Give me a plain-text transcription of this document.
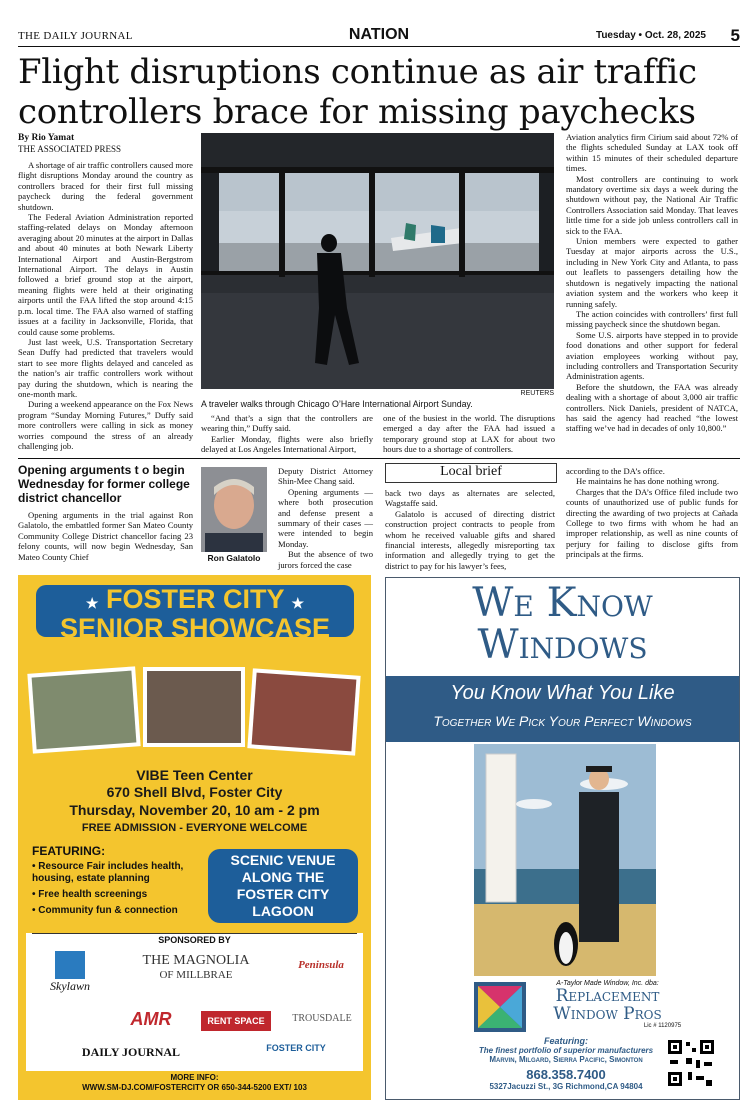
THE DAILY JOURNAL	NATION	Tuesday • Oct. 28, 2025 5
Flight disruptions continue as air traffic controllers brace for missing paychecks
By Rio Yamat
THE ASSOCIATED PRESS

A shortage of air traffic controllers caused more flight disruptions Monday around the country as controllers braced for their first full missing paycheck during the federal government shutdown.

The Federal Aviation Administration reported staffing-related delays on Monday afternoon averaging about 20 minutes at the airport in Dallas and about 40 minutes at both Newark Liberty International Airport and Austin-Bergstrom International Airport. The delays in Austin followed a brief ground stop at the airport, meaning flights were held at their originating airports until the FAA lifted the stop around 4:15 p.m. local time. The FAA also warned of staffing issues at a facility in Jacksonville, Florida, that could cause some problems.

Just last week, U.S. Transportation Secretary Sean Duffy had predicted that travelers would start to see more flights delayed and canceled as the nation’s air traffic controllers work without pay during the shutdown, which is nearing the one-month mark.

During a weekend appearance on the Fox News program “Sunday Morning Futures,” Duffy said more controllers were calling in sick as money worries compound the stress of an already challenging job.

REUTERS
A traveler walks through Chicago O’Hare International Airport Sunday.

“And that’s a sign that the controllers are wearing thin,” Duffy said.

Earlier Monday, flights were also briefly delayed at Los Angeles International Airport,

one of the busiest in the world. The disruptions emerged a day after the FAA had issued a temporary ground stop at LAX for about two hours due to a shortage of controllers.

Aviation analytics firm Cirium said about 72% of the flights scheduled Sunday at LAX took off within 15 minutes of their scheduled departure times.

Most controllers are continuing to work mandatory overtime six days a week during the shutdown without pay, the National Air Traffic Controllers Association said Monday. That leaves little time for a side job unless controllers call in sick to the FAA.

Union members were expected to gather Tuesday at major airports across the U.S., including in New York City and Atlanta, to pass out leaflets to passengers detailing how the shutdown is negatively impacting the national aviation system and the workers who keep it running safely.

The action coincides with controllers’ first full missing paycheck since the shutdown began.

Some U.S. airports have stepped in to provide food donations and other support for federal aviation employees working without pay, including controllers and Transportation Security Administration agents.

Before the shutdown, the FAA was already dealing with a shortage of about 3,000 air traffic controllers. Nick Daniels, president of NATCA, has said the agency had reached “the lowest staffing we’ve had in decades of only 10,800.”

Opening arguments t o begin Wednesday for former college district chancellor

Opening arguments in the trial against Ron Galatolo, the embattled former San Mateo County Community College District chancellor facing 23 felony counts, will now begin Wednesday, San Mateo County Chief	Ron Galatolo

Deputy District Attorney Shin-Mee Chang said.

Opening arguments — where both prosecution and defense present a summary of their cases — were intended to begin Monday.

But the absence of two jurors forced the case

Local brief

back two days as alternates are selected, Wagstaffe said.

Galatolo is accused of directing district construction project contracts to people from whom he received valuable gifts and shared financial interests, allegedly misreporting tax information and allegedly trying to get the district to pay for his lawyer’s fees,

according to the DA’s office.

He maintains he has done nothing wrong.

Charges that the DA’s Office filed include two counts of unauthorized use of public funds for directing the awarding of two projects at Cañada College to two firms with whom he had an improper relationship, as well as nine counts of perjury for failing to disclose gifts from principals at the firms.

★ FOSTER CITY ★
SENIOR SHOWCASE
VIBE Teen Center
670 Shell Blvd, Foster City
Thursday, November 20, 10 am - 2 pm
FREE ADMISSION - EVERYONE WELCOME
FEATURING:
• Resource Fair includes health, housing, estate planning
• Free health screenings
• Community fun & connection
SCENIC VENUE ALONG THE FOSTER CITY LAGOON
SPONSORED BY
Skylawn
THE MAGNOLIA
OF MILLBRAE
Peninsula
AMR	RENT SPACE	TROUSDALE
DAILY JOURNAL	FOSTER CITY
MORE INFO:
WWW.SM-DJ.COM/FOSTERCITY OR 650-344-5200 EXT/ 103
We Know
Windows
You Know What You Like
Together We Pick Your Perfect Windows
A-Taylor Made Window, Inc. dba:
Replacement
Window Pros
Lic # 1120975
Featuring:
The finest portfolio of superior manufacturers
Marvin, Milgard, Sierra Pacific, Simonton
868.358.7400
5327Jacuzzi St., 3G Richmond,CA 94804
